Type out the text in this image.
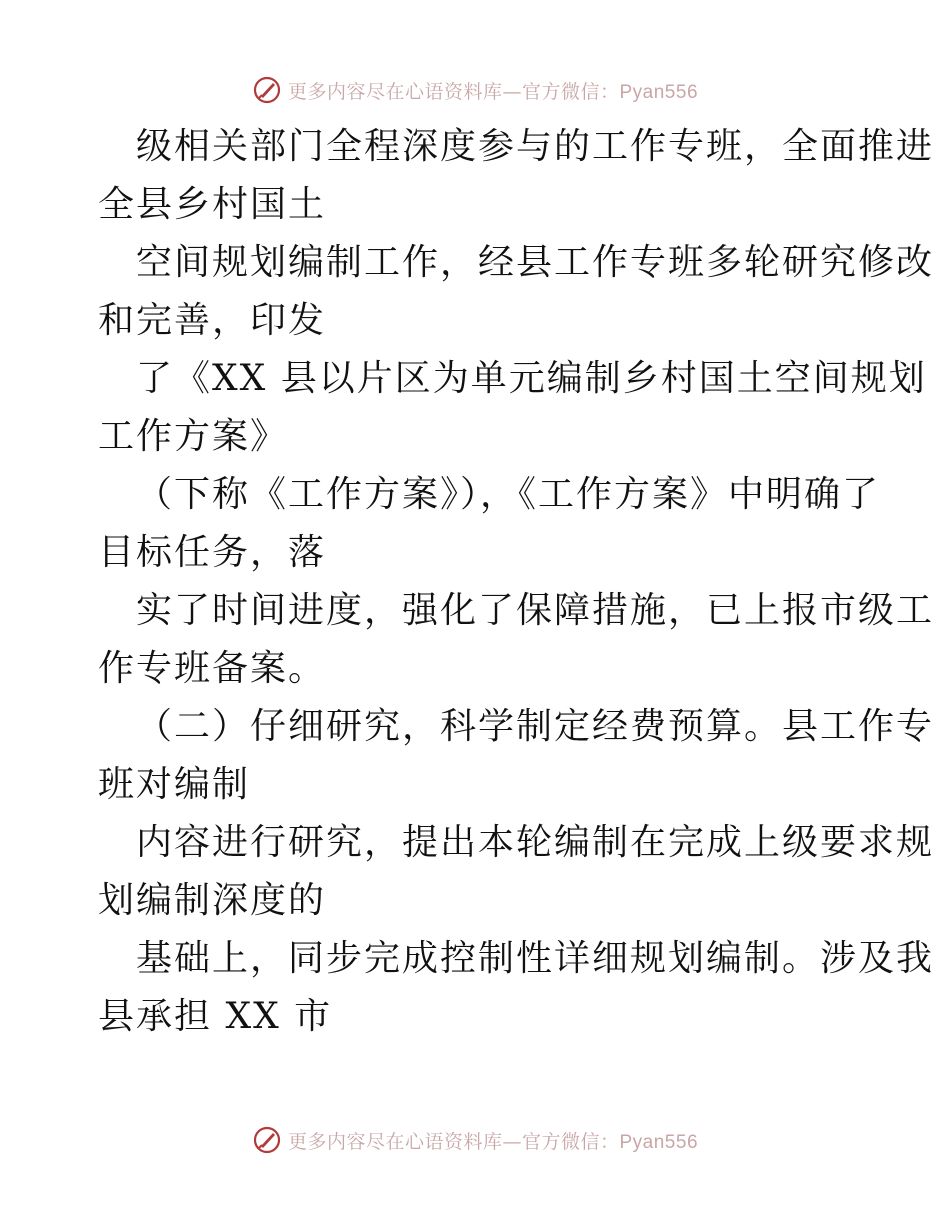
更多内容尽在心语资料库—官方微信：Pyan556

级相关部门全程深度参与的工作专班，全面推进

全县乡村国土

空间规划编制工作，经县工作专班多轮研究修改

和完善，印发

了《XX 县以片区为单元编制乡村国土空间规划

工作方案》

（下称《工作方案》），《工作方案》中明确了

目标任务，落

实了时间进度，强化了保障措施，已上报市级工

作专班备案。

（二）仔细研究，科学制定经费预算。县工作专

班对编制

内容进行研究，提出本轮编制在完成上级要求规

划编制深度的

基础上，同步完成控制性详细规划编制。涉及我

县承担 XX 市

更多内容尽在心语资料库—官方微信：Pyan556
